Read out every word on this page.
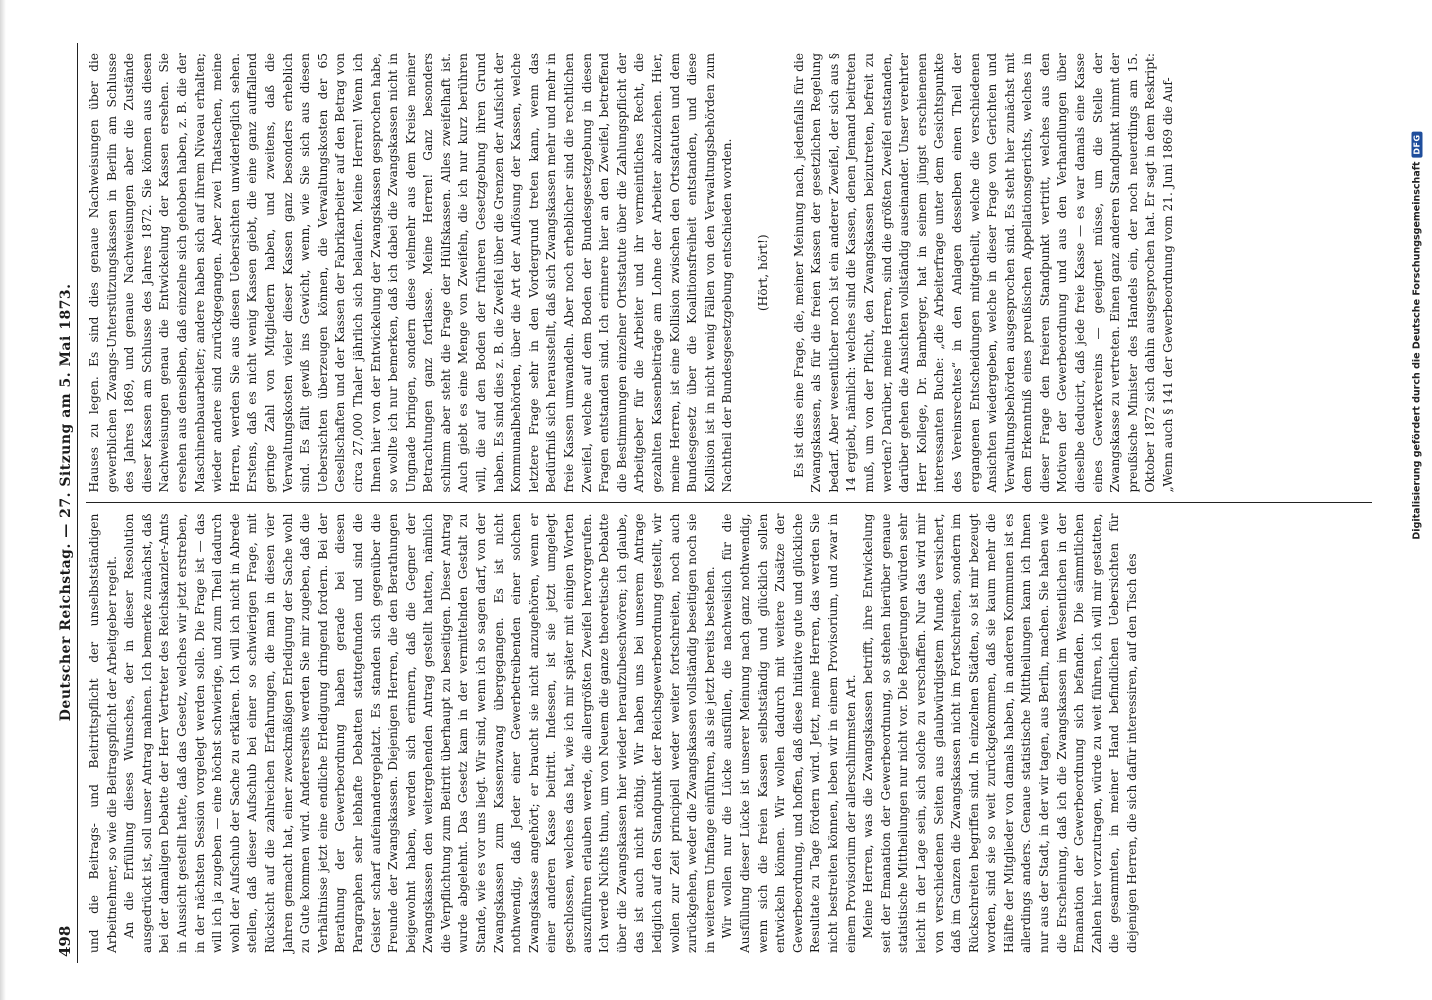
498
Deutscher Reichstag. — 27. Sitzung am 5. Mai 1873.

und die Beitrags- und Beitrittspflicht der unselbstständigen Arbeitnehmer, so wie die Beitragspflicht der Arbeitgeber regelt. An die Erfüllung dieses Wunsches, der in dieser Resolution ausgedrückt ist, soll unser Antrag mahnen. Ich bemerke zunächst, daß bei der damaligen Debatte der Herr Vertreter des Reichskanzler-Amts in Aussicht gestellt hatte, daß das Gesetz, welches wir jetzt erstreben, in der nächsten Session vorgelegt werden solle. Die Frage ist — das will ich ja zugeben — eine höchst schwierige, und zum Theil dadurch wohl der Aufschub der Sache zu erklären. Ich will ich nicht in Abrede stellen, daß dieser Aufschub bei einer so schwierigen Frage, mit Rücksicht auf die zahlreichen Erfahrungen, die man in diesen vier Jahren gemacht hat, einer zweckmäßigen Erledigung der Sache wohl zu Gute kommen wird. Andererseits werden Sie mir zugeben, daß die Verhältnisse jetzt eine endliche Erledigung dringend fordern. Bei der Berathung der Gewerbeordnung haben gerade bei diesen Paragraphen sehr lebhafte Debatten stattgefunden und sind die Geister scharf aufeinandergeplatzt. Es standen sich gegenüber die Freunde der Zwangskassen. Diejenigen Herren, die den Berathungen beigewohnt haben, werden sich erinnern, daß die Gegner der Zwangskassen den weitergehenden Antrag gestellt hatten, nämlich die Verpflichtung zum Beitritt überhaupt zu beseitigen. Dieser Antrag wurde abgelehnt. Das Gesetz kam in der vermittelnden Gestalt zu Stande, wie es vor uns liegt. Wir sind, wenn ich so sagen darf, von der Zwangskassen zum Kassenzwang übergegangen. Es ist nicht nothwendig, daß Jeder einer Gewerbetreibenden einer solchen Zwangskasse angehört; er braucht sie nicht anzugehören, wenn er einer anderen Kasse beitritt. Indessen, ist sie jetzt umgelegt geschlossen, welches das hat, wie ich mir später mit einigen Worten auszuführen erlauben werde, die allergrößten Zweifel hervorgerufen. Ich werde Nichts thun, um von Neuem die ganze theoretische Debatte über die Zwangskassen hier wieder heraufzubeschwören; ich glaube, das ist auch nicht nöthig. Wir haben uns bei unserem Antrage lediglich auf den Standpunkt der Reichsgewerbeordnung gestellt, wir wollen zur Zeit principiell weder weiter fortschreiten, noch auch zurückgehen, weder die Zwangskassen vollständig beseitigen noch sie in weiterem Umfange einführen, als sie jetzt bereits bestehen. Wir wollen nur die Lücke ausfüllen, die nachweislich für die Ausfüllung dieser Lücke ist unserer Meinung nach ganz nothwendig, wenn sich die freien Kassen selbstständig und glücklich sollen entwickeln können. Wir wollen dadurch mit weitere Zusätze der Gewerbeordnung, und hoffen, daß diese Initiative gute und glückliche Resultate zu Tage fördern wird. Jetzt, meine Herren, das werden Sie nicht bestreiten können, leben wir in einem Provisorium, und zwar in einem Provisorium der allerschlimmsten Art. Meine Herren, was die Zwangskassen betrifft, ihre Entwickelung seit der Emanation der Gewerbeordnung, so stehen hierüber genaue statistische Mittheilungen nur nicht vor. Die Regierungen würden sehr leicht in der Lage sein, sich solche zu verschaffen. Nur das wird mir von verschiedenen Seiten aus glaubwürdigstem Munde versichert, daß im Ganzen die Zwangskassen nicht im Fortschreiten, sondern im Rückschreiten begriffen sind. In einzelnen Städten, so ist mir bezeugt worden, sind sie so weit zurückgekommen, daß sie kaum mehr die Hälfte der Mitglieder von damals haben, in anderen Kommunen ist es allerdings anders. Genaue statistische Mittheilungen kann ich Ihnen nur aus der Stadt, in der wir tagen, aus Berlin, machen. Sie haben wie die Erscheinung, daß ich die Zwangskassen im Wesentlichen in der Emanation der Gewerbeordnung sich befanden. Die sämmtlichen Zahlen hier vorzutragen, würde zu weit führen, ich will mir gestatten, die gesammten, in meiner Hand befindlichen Uebersichten für diejenigen Herren, die sich dafür interessiren, auf den Tisch des

Hauses zu legen. Es sind dies genaue Nachweisungen über die gewerblichen Zwangs-Unterstützungskassen in Berlin am Schlusse des Jahres 1869, und genaue Nachweisungen aber die Zustände dieser Kassen am Schlusse des Jahres 1872. Sie können aus diesen Nachweisungen genau die Entwickelung der Kassen ersehen. Sie ersehen aus denselben, daß einzelne sich gehoben haben, z. B. die der Maschinenbauarbeiter; andere haben sich auf ihrem Niveau erhalten; wieder andere sind zurückgegangen. Aber zwei Thatsachen, meine Herren, werden Sie aus diesen Uebersichten unwiderleglich sehen. Erstens, daß es nicht wenig Kassen giebt, die eine ganz auffallend geringe Zahl von Mitgliedern haben, und zweitens, daß die Verwaltungskosten vieler dieser Kassen ganz besonders erheblich sind. Es fällt gewiß ins Gewicht, wenn, wie Sie sich aus diesen Uebersichten überzeugen können, die Verwaltungskosten der 65 Gesellschaften und der Kassen der Fabrikarbeiter auf den Betrag von circa 27,000 Thaler jährlich sich belaufen. Meine Herren! Wenn ich Ihnen hier von der Entwickelung der Zwangskassen gesprochen habe, so wollte ich nur bemerken, daß ich dabei die Zwangskassen nicht in Ungnade bringen, sondern diese vielmehr aus dem Kreise meiner Betrachtungen ganz fortlasse. Meine Herren! Ganz besonders schlimm aber steht die Frage der Hülfskassen. Alles zweifelhaft ist. Auch giebt es eine Menge von Zweifeln, die ich nur kurz berühren will, die auf den Boden der früheren Gesetzgebung ihren Grund haben. Es sind dies z. B. die Zweifel über die Grenzen der Aufsicht der Kommunalbehörden, über die Art der Auflösung der Kassen, welche letztere Frage sehr in den Vordergrund treten kann, wenn das Bedürfniß sich herausstellt, daß sich Zwangskassen mehr und mehr in freie Kassen umwandeln. Aber noch erheblicher sind die rechtlichen Zweifel, welche auf dem Boden der Bundesgesetzgebung in diesen Fragen entstanden sind. Ich erinnere hier an den Zweifel, betreffend die Bestimmungen einzelner Ortsstatute über die Zahlungspflicht der Arbeitgeber für die Arbeiter und ihr vermeintliches Recht, die gezahlten Kassenbeiträge am Lohne der Arbeiter abzuziehen. Hier, meine Herren, ist eine Kollision zwischen den Ortsstatuten und dem Bundesgesetz über die Koalitionsfreiheit entstanden, und diese Kollision ist in nicht wenig Fällen von den Verwaltungsbehörden zum Nachtheil der Bundesgesetzgebung entschieden worden. (Hört, hört!) Es ist dies eine Frage, die, meiner Meinung nach, jedenfalls für die Zwangskassen, als für die freien Kassen der gesetzlichen Regelung bedarf. Aber wesentlicher noch ist ein anderer Zweifel, der sich aus § 14 ergiebt, nämlich: welches sind die Kassen, denen Jemand beitreten muß, um von der Pflicht, den Zwangskassen beizutreten, befreit zu werden? Darüber, meine Herren, sind die größten Zweifel entstanden, darüber gehen die Ansichten vollständig auseinander. Unser verehrter Herr Kollege, Dr. Bamberger, hat in seinem jüngst erschienenen interessanten Buche: „die Arbeiterfrage unter dem Gesichtspunkte des Vereinsrechtes“ in den Anlagen desselben einen Theil der ergangenen Entscheidungen mitgetheilt, welche die verschiedenen Ansichten wiedergeben, welche in dieser Frage von Gerichten und Verwaltungsbehörden ausgesprochen sind. Es steht hier zunächst mit dem Erkenntniß eines preußischen Appellationsgerichts, welches in dieser Frage den freieren Standpunkt vertritt, welches aus den Motiven der Gewerbeordnung und aus den Verhandlungen über dieselbe deducirt, daß jede freie Kasse — es war damals eine Kasse eines Gewerkvereins — geeignet müsse, um die Stelle der Zwangskasse zu vertreten. Einen ganz anderen Standpunkt nimmt der preußische Minister des Handels ein, der noch neuerdings am 15. Oktober 1872 sich dahin ausgesprochen hat. Er sagt in dem Reskript: „Wenn auch § 141 der Gewerbeordnung vom 21. Juni 1869 die Auf-	Digitalisierung gefördert durch die Deutsche Forschungsgemeinschaft
DFG
